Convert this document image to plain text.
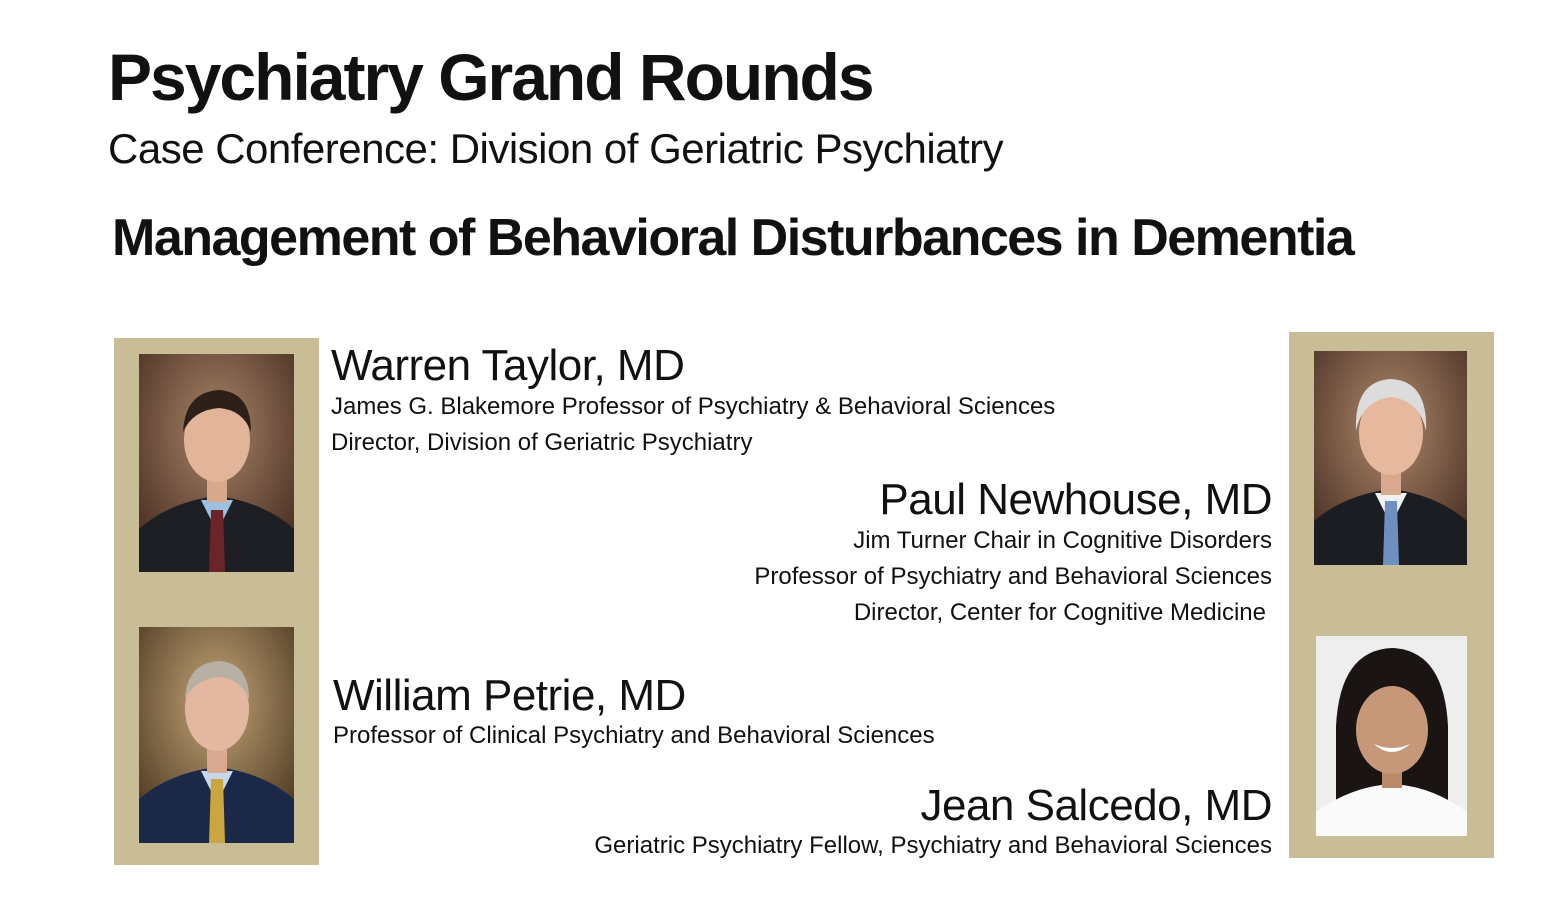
Psychiatry Grand Rounds
Case Conference: Division of Geriatric Psychiatry
Management of Behavioral Disturbances in Dementia
Warren Taylor, MD
James G. Blakemore Professor of Psychiatry & Behavioral Sciences
Director, Division of Geriatric Psychiatry
Paul Newhouse, MD
Jim Turner Chair in Cognitive Disorders
Professor of Psychiatry and Behavioral Sciences
Director, Center for Cognitive Medicine
William Petrie, MD
Professor of Clinical Psychiatry and Behavioral Sciences
Jean Salcedo, MD
Geriatric Psychiatry Fellow, Psychiatry and Behavioral Sciences
